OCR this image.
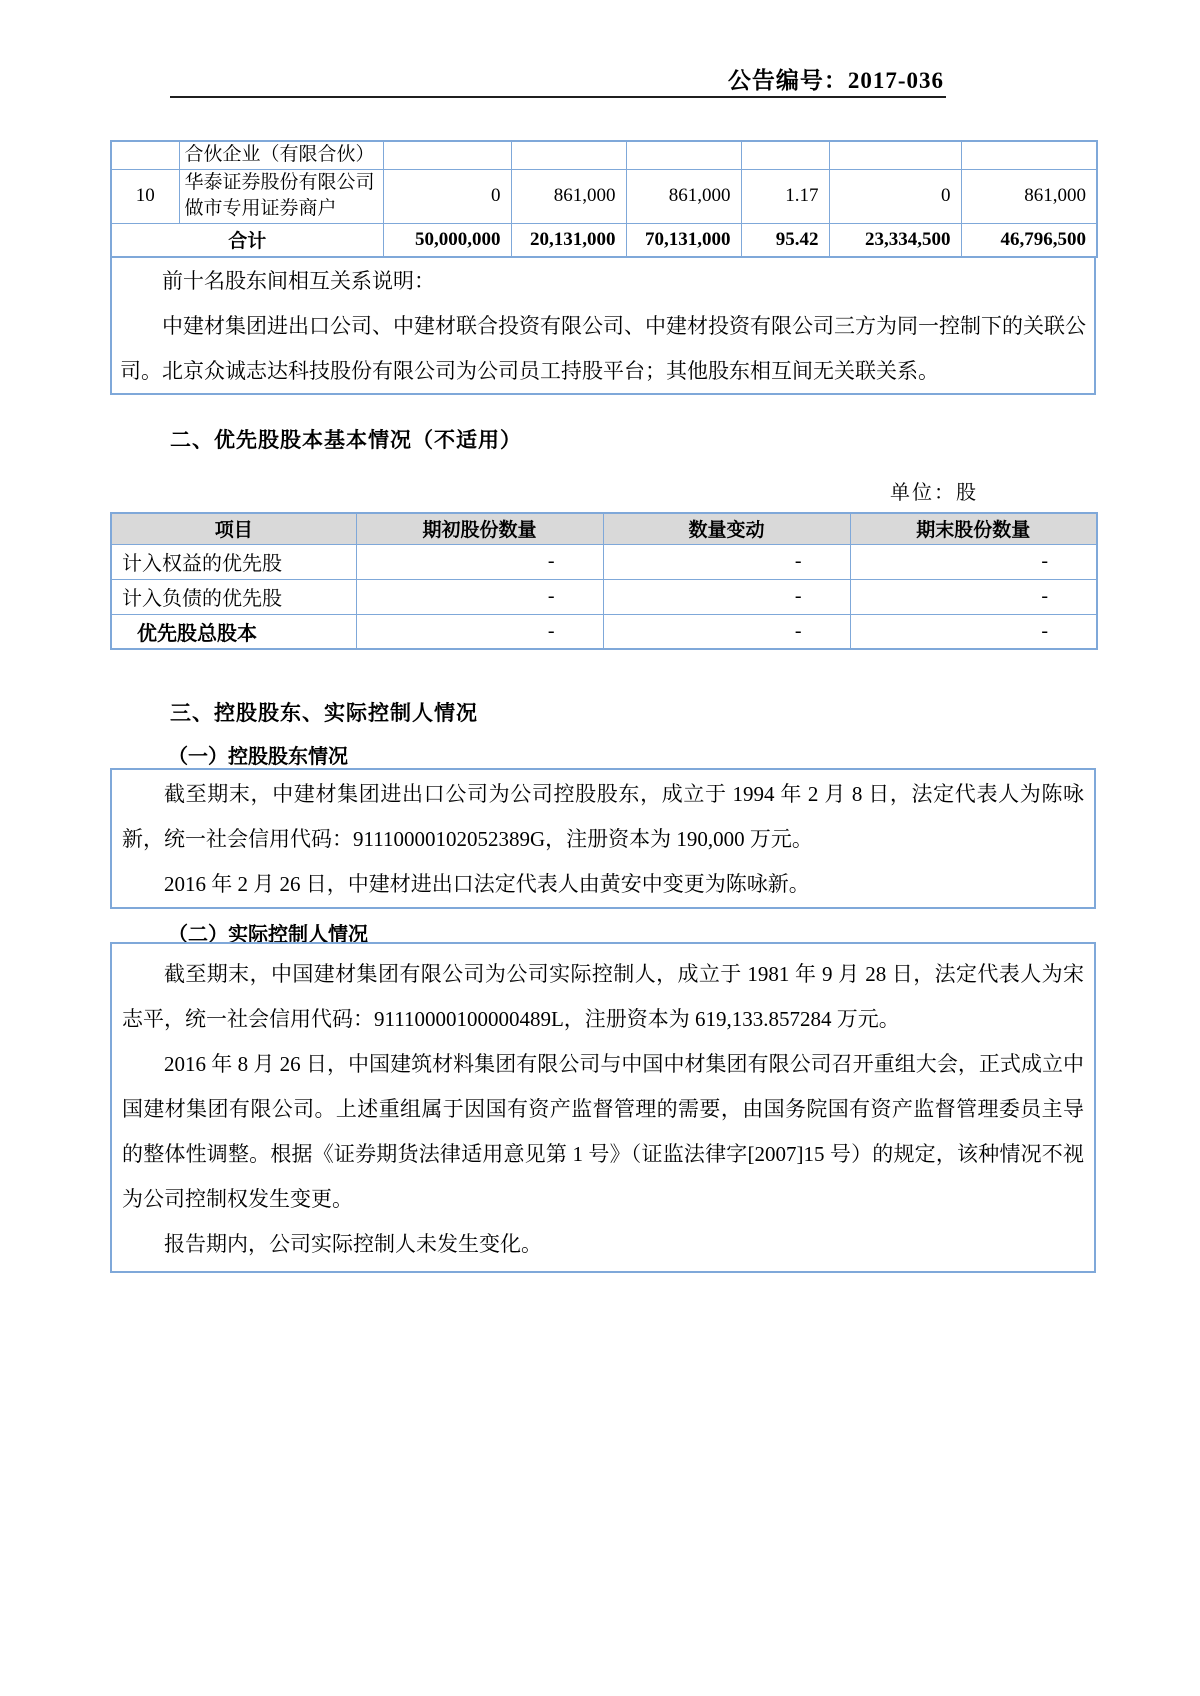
公告编号：2017-036
	合伙企业（有限合伙）						
10	华泰证券股份有限公司做市专用证券商户	0	861,000	861,000	1.17	0	861,000
合计		50,000,000	20,131,000	70,131,000	95.42	23,334,500	46,796,500

前十名股东间相互关系说明：

中建材集团进出口公司、中建材联合投资有限公司、中建材投资有限公司三方为同一控制下的关联公司。北京众诚志达科技股份有限公司为公司员工持股平台；其他股东相互间无关联关系。

二、优先股股本基本情况（不适用）
单位：股
项目	期初股份数量	数量变动	期末股份数量
计入权益的优先股	-	-	-
计入负债的优先股	-	-	-
优先股总股本	-	-	-
三、控股股东、实际控制人情况
（一）控股股东情况

截至期末，中建材集团进出口公司为公司控股股东，成立于 1994 年 2 月 8 日，法定代表人为陈咏新，统一社会信用代码：91110000102052389G，注册资本为 190,000 万元。

2016 年 2 月 26 日，中建材进出口法定代表人由黄安中变更为陈咏新。

（二）实际控制人情况

截至期末，中国建材集团有限公司为公司实际控制人，成立于 1981 年 9 月 28 日，法定代表人为宋志平，统一社会信用代码：91110000100000489L，注册资本为 619,133.857284 万元。

2016 年 8 月 26 日，中国建筑材料集团有限公司与中国中材集团有限公司召开重组大会，正式成立中国建材集团有限公司。上述重组属于因国有资产监督管理的需要，由国务院国有资产监督管理委员主导的整体性调整。根据《证券期货法律适用意见第 1 号》（证监法律字[2007]15 号）的规定，该种情况不视为公司控制权发生变更。

报告期内，公司实际控制人未发生变化。
